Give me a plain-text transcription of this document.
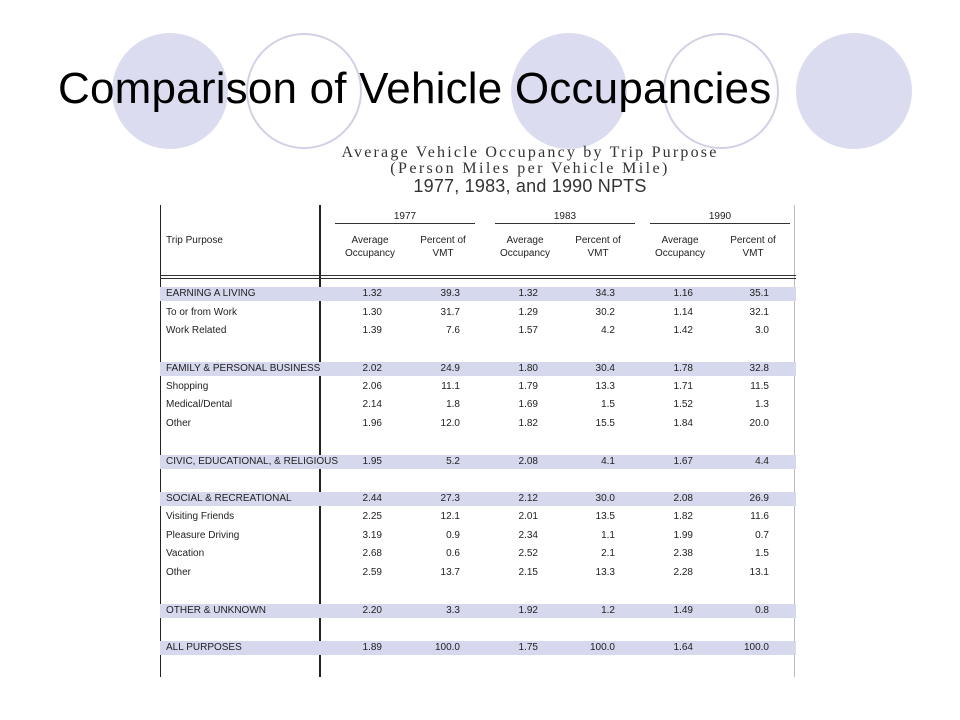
Comparison of Vehicle Occupancies
Average Vehicle Occupancy by Trip Purpose
(Person Miles per Vehicle Mile)
1977, 1983, and 1990 NPTS
Trip Purpose
1977	1983	1990
Average
Occupancy
Percent of
VMT
Average
Occupancy
Percent of
VMT
Average
Occupancy
Percent of
VMT
EARNING A LIVING	1.32	39.3	1.32	34.3	1.16	35.1
To or from Work	1.30	31.7	1.29	30.2	1.14	32.1
Work Related	1.39	7.6	1.57	4.2	1.42	3.0
FAMILY & PERSONAL BUSINESS	2.02	24.9	1.80	30.4	1.78	32.8
Shopping	2.06	11.1	1.79	13.3	1.71	11.5
Medical/Dental	2.14	1.8	1.69	1.5	1.52	1.3
Other	1.96	12.0	1.82	15.5	1.84	20.0
CIVIC, EDUCATIONAL, & RELIGIOUS 1.95	5.2	2.08	4.1	1.67	4.4
SOCIAL & RECREATIONAL	2.44	27.3	2.12	30.0	2.08	26.9
Visiting Friends	2.25	12.1	2.01	13.5	1.82	11.6
Pleasure Driving	3.19	0.9	2.34	1.1	1.99	0.7
Vacation	2.68	0.6	2.52	2.1	2.38	1.5
Other	2.59	13.7	2.15	13.3	2.28	13.1
OTHER & UNKNOWN	2.20	3.3	1.92	1.2	1.49	0.8
ALL PURPOSES	1.89	100.0	1.75	100.0	1.64	100.0
